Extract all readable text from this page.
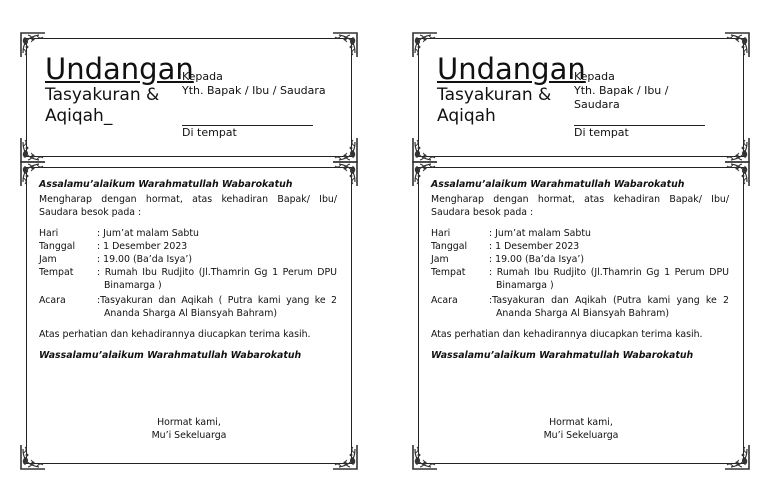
Undangan
Tasyakuran & Aqiqah_
Kepada
Yth. Bapak / Ibu / Saudara
Di tempat
Assalamu’alaikum Warahmatullah Wabarokatuh
Mengharap dengan hormat, atas kehadiran Bapak/ Ibu/ Saudara besok pada :
Hari	: Jum’at malam Sabtu
Tanggal	: 1 Desember 2023
Jam	: 19.00 (Ba’da Isya’)
Tempat	: Rumah Ibu Rudjito (Jl.Thamrin Gg 1 Perum DPU Binamarga )
Acara	:Tasyakuran dan Aqikah ( Putra kami yang ke 2 Ananda Sharga Al Biansyah Bahram)
Atas perhatian dan kehadirannya diucapkan terima kasih.
Wassalamu’alaikum Warahmatullah Wabarokatuh
Hormat kami,
Mu’i Sekeluarga
Undangan
Tasyakuran & Aqiqah
Kepada
Yth. Bapak / Ibu / Saudara
Di tempat
Assalamu’alaikum Warahmatullah Wabarokatuh
Mengharap dengan hormat, atas kehadiran Bapak/ Ibu/ Saudara besok pada :
Hari	: Jum’at malam Sabtu
Tanggal	: 1 Desember 2023
Jam	: 19.00 (Ba’da Isya’)
Tempat	: Rumah Ibu Rudjito (Jl.Thamrin Gg 1 Perum DPU Binamarga )
Acara	:Tasyakuran dan Aqikah (Putra kami yang ke 2 Ananda Sharga Al Biansyah Bahram)
Atas perhatian dan kehadirannya diucapkan terima kasih.
Wassalamu’alaikum Warahmatullah Wabarokatuh
Hormat kami,
Mu’i Sekeluarga
